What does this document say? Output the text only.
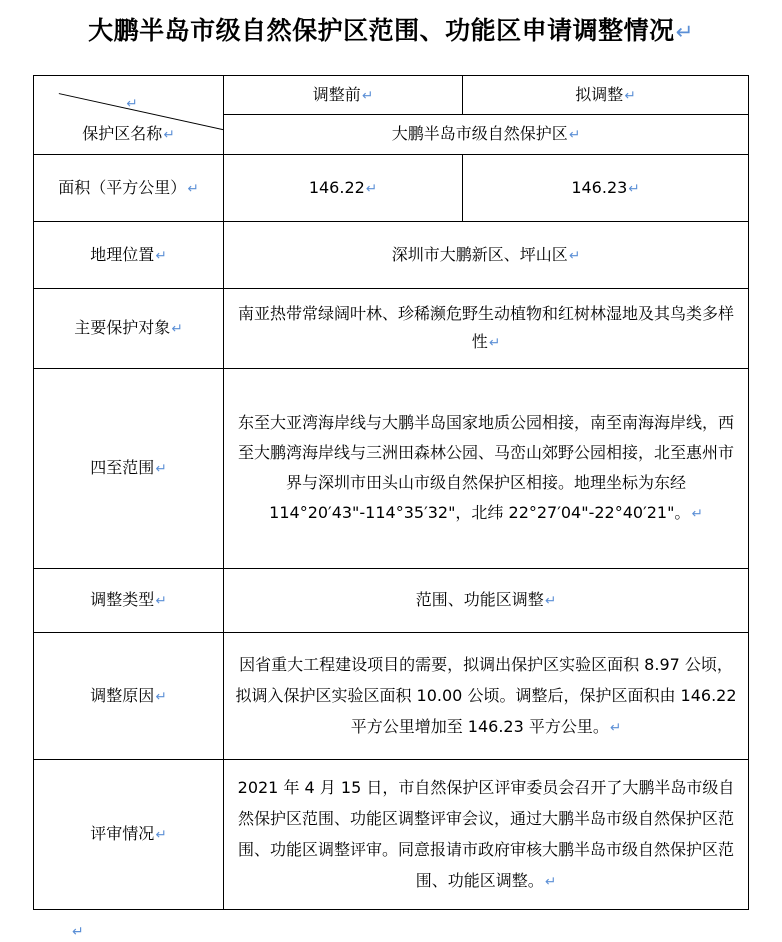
大鹏半岛市级自然保护区范围、功能区申请调整情况↵
↵
保护区名称↵	调整前↵	拟调整↵
	大鹏半岛市级自然保护区↵	
面积（平方公里）↵	146.22↵	146.23↵
地理位置↵	深圳市大鹏新区、坪山区↵	
主要保护对象↵	南亚热带常绿阔叶林、珍稀濒危野生动植物和红树林湿地及其鸟类多样性↵	
四至范围↵	东至大亚湾海岸线与大鹏半岛国家地质公园相接，南至南海海岸线，西至大鹏湾海岸线与三洲田森林公园、马峦山郊野公园相接，北至惠州市界与深圳市田头山市级自然保护区相接。地理坐标为东经 114°20′43"-114°35′32"，北纬 22°27′04"-22°40′21"。↵	
调整类型↵	范围、功能区调整↵	
调整原因↵	因省重大工程建设项目的需要，拟调出保护区实验区面积 8.97 公顷，拟调入保护区实验区面积 10.00 公顷。调整后，保护区面积由 146.22 平方公里增加至 146.23 平方公里。↵	
评审情况↵	2021 年 4 月 15 日，市自然保护区评审委员会召开了大鹏半岛市级自然保护区范围、功能区调整评审会议，通过大鹏半岛市级自然保护区范围、功能区调整评审。同意报请市政府审核大鹏半岛市级自然保护区范围、功能区调整。↵	
↵
